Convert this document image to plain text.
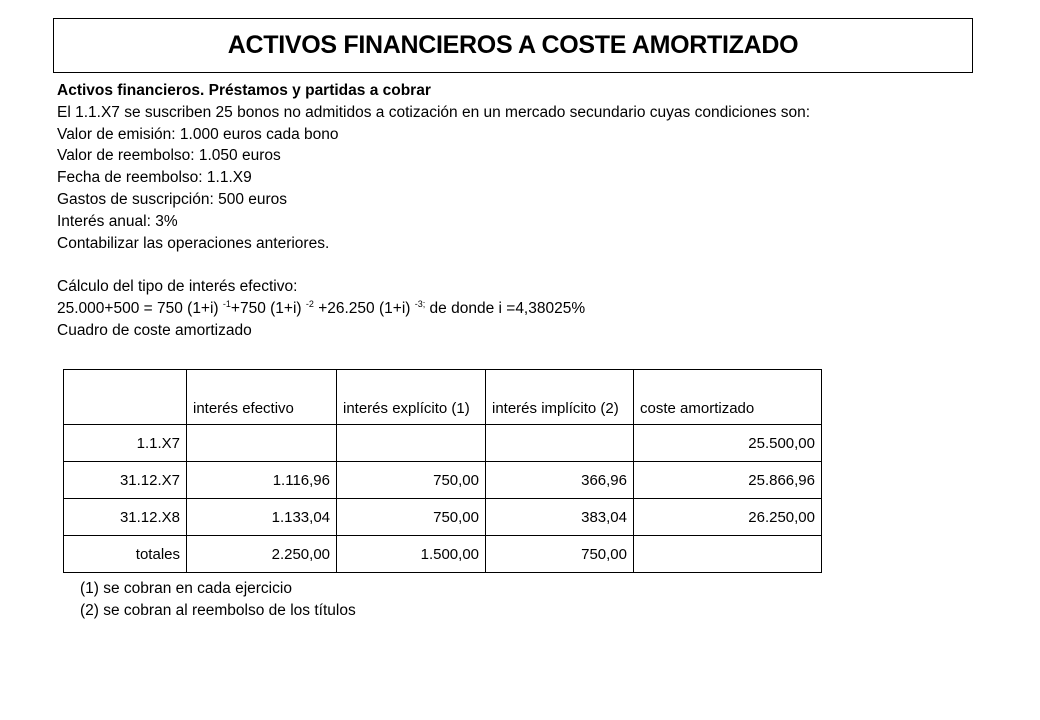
ACTIVOS FINANCIEROS A COSTE AMORTIZADO
Activos financieros. Préstamos y partidas a cobrar
El 1.1.X7 se suscriben 25 bonos no admitidos a cotización en un mercado secundario cuyas condiciones son:
Valor de emisión: 1.000 euros cada bono
Valor de reembolso: 1.050 euros
Fecha de reembolso: 1.1.X9
Gastos de suscripción: 500 euros
Interés anual: 3%
Contabilizar las operaciones anteriores.
Cálculo del tipo de interés efectivo:
25.000+500 = 750 (1+i) $^{-1}$+750 (1+i) $^{-2}$ +26.250 (1+i) $^{-3;}$ de donde i =4,38025%
Cuadro de coste amortizado
	interés efectivo	interés explícito (1)	interés implícito (2)	coste amortizado
1.1.X7				25.500,00
31.12.X7	1.116,96	750,00	366,96	25.866,96
31.12.X8	1.133,04	750,00	383,04	26.250,00
totales	2.250,00	1.500,00	750,00	
(1) se cobran en cada ejercicio
(2) se cobran al reembolso de los títulos
